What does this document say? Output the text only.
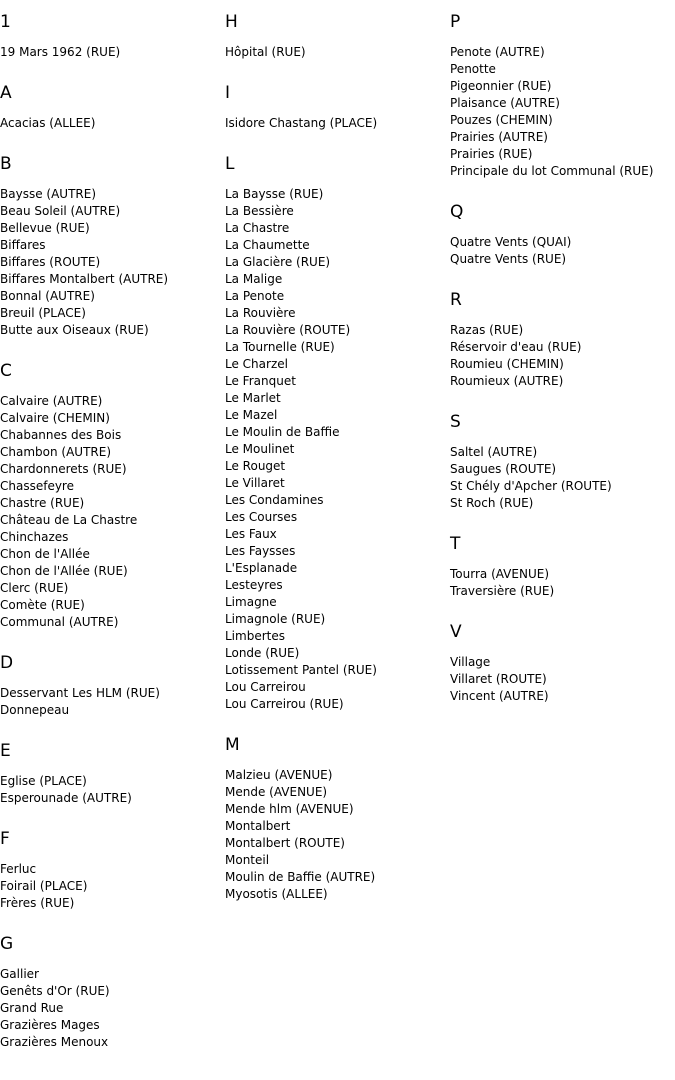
1
19 Mars 1962 (RUE)
A
Acacias (ALLEE)
B
Baysse (AUTRE)
Beau Soleil (AUTRE)
Bellevue (RUE)
Biffares
Biffares (ROUTE)
Biffares Montalbert (AUTRE)
Bonnal (AUTRE)
Breuil (PLACE)
Butte aux Oiseaux (RUE)
C
Calvaire (AUTRE)
Calvaire (CHEMIN)
Chabannes des Bois
Chambon (AUTRE)
Chardonnerets (RUE)
Chassefeyre
Chastre (RUE)
Château de La Chastre
Chinchazes
Chon de l'Allée
Chon de l'Allée (RUE)
Clerc (RUE)
Comète (RUE)
Communal (AUTRE)
D
Desservant Les HLM (RUE)
Donnepeau
E
Eglise (PLACE)
Esperounade (AUTRE)
F
Ferluc
Foirail (PLACE)
Frères (RUE)
G
Gallier
Genêts d'Or (RUE)
Grand Rue
Grazières Mages
Grazières Menoux
H
Hôpital (RUE)
I
Isidore Chastang (PLACE)
L
La Baysse (RUE)
La Bessière
La Chastre
La Chaumette
La Glacière (RUE)
La Malige
La Penote
La Rouvière
La Rouvière (ROUTE)
La Tournelle (RUE)
Le Charzel
Le Franquet
Le Marlet
Le Mazel
Le Moulin de Baffie
Le Moulinet
Le Rouget
Le Villaret
Les Condamines
Les Courses
Les Faux
Les Faysses
L'Esplanade
Lesteyres
Limagne
Limagnole (RUE)
Limbertes
Londe (RUE)
Lotissement Pantel (RUE)
Lou Carreirou
Lou Carreirou (RUE)
M
Malzieu (AVENUE)
Mende (AVENUE)
Mende hlm (AVENUE)
Montalbert
Montalbert (ROUTE)
Monteil
Moulin de Baffie (AUTRE)
Myosotis (ALLEE)
P
Penote (AUTRE)
Penotte
Pigeonnier (RUE)
Plaisance (AUTRE)
Pouzes (CHEMIN)
Prairies (AUTRE)
Prairies (RUE)
Principale du lot Communal (RUE)
Q
Quatre Vents (QUAI)
Quatre Vents (RUE)
R
Razas (RUE)
Réservoir d'eau (RUE)
Roumieu (CHEMIN)
Roumieux (AUTRE)
S
Saltel (AUTRE)
Saugues (ROUTE)
St Chély d'Apcher (ROUTE)
St Roch (RUE)
T
Tourra (AVENUE)
Traversière (RUE)
V
Village
Villaret (ROUTE)
Vincent (AUTRE)
